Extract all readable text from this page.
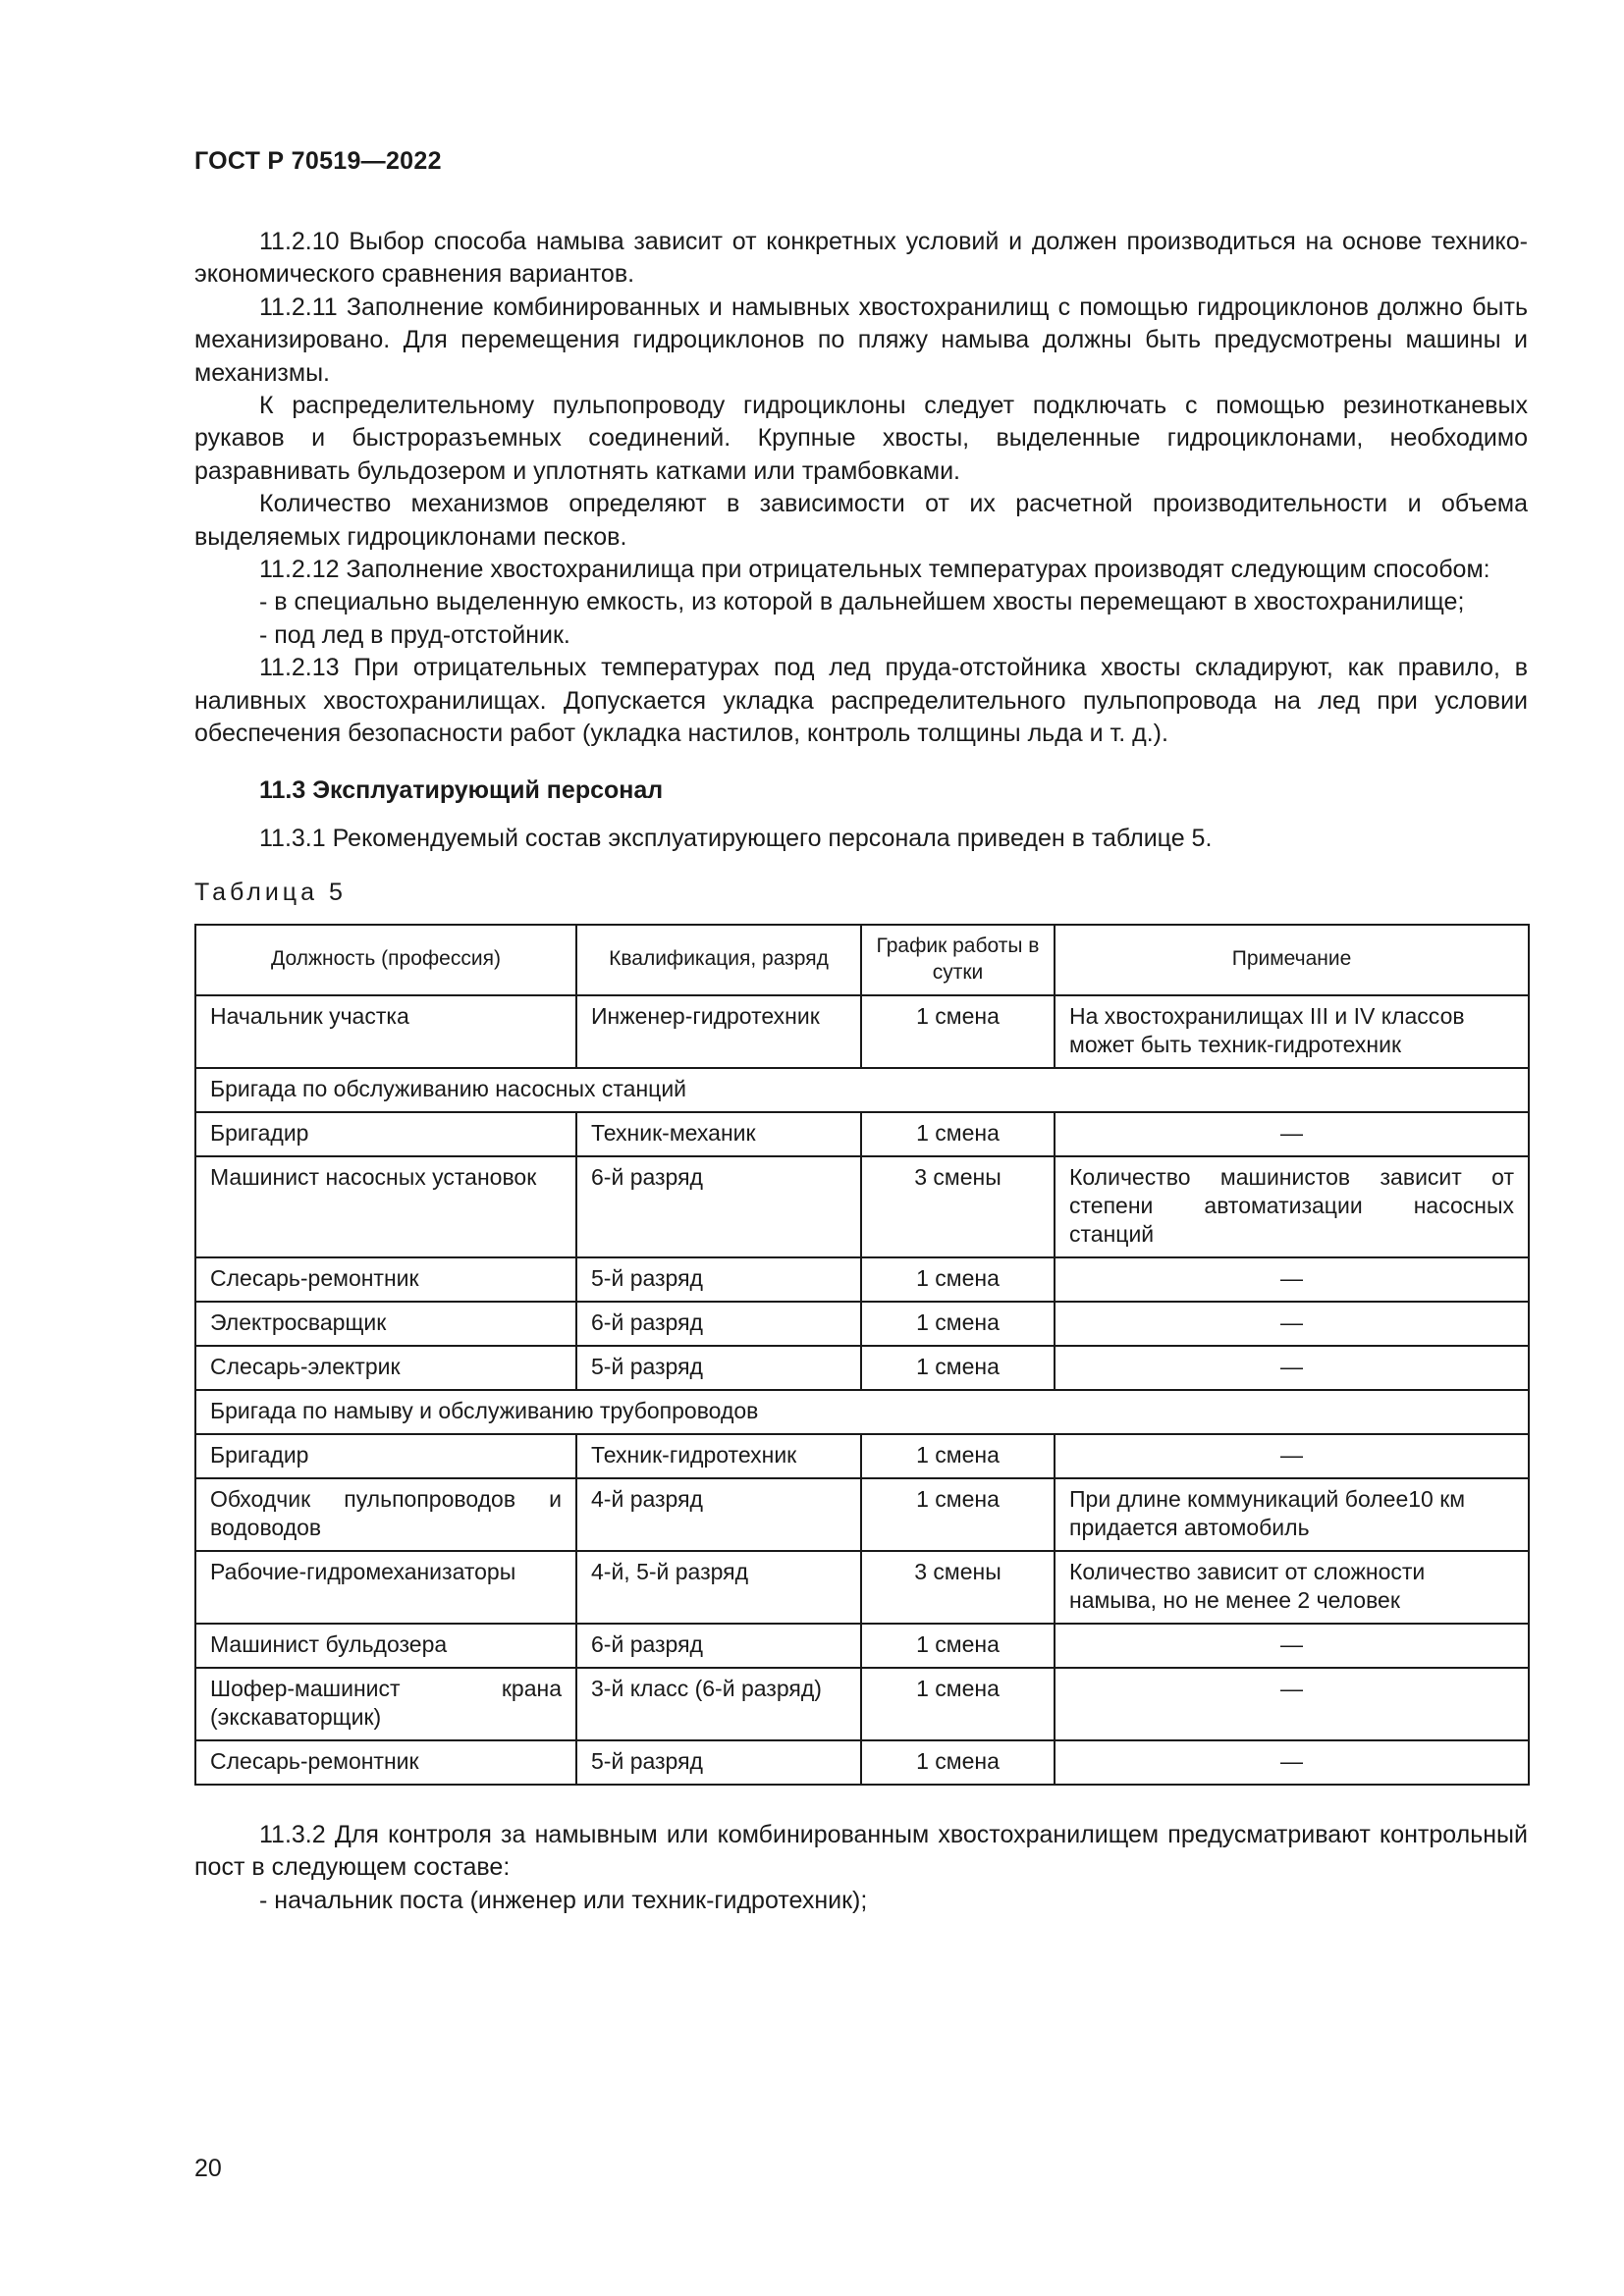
ГОСТ Р 70519—2022

11.2.10 Выбор способа намыва зависит от конкретных условий и должен производиться на основе технико-экономического сравнения вариантов.

11.2.11 Заполнение комбинированных и намывных хвостохранилищ с помощью гидроциклонов должно быть механизировано. Для перемещения гидроциклонов по пляжу намыва должны быть предусмотрены машины и механизмы.

К распределительному пульпопроводу гидроциклоны следует подключать с помощью резинотканевых рукавов и быстроразъемных соединений. Крупные хвосты, выделенные гидроциклонами, необходимо разравнивать бульдозером и уплотнять катками или трамбовками.

Количество механизмов определяют в зависимости от их расчетной производительности и объема выделяемых гидроциклонами песков.

11.2.12 Заполнение хвостохранилища при отрицательных температурах производят следующим способом:

- в специально выделенную емкость, из которой в дальнейшем хвосты перемещают в хвостохранилище;

- под лед в пруд-отстойник.

11.2.13 При отрицательных температурах под лед пруда-отстойника хвосты складируют, как правило, в наливных хвостохранилищах. Допускается укладка распределительного пульпопровода на лед при условии обеспечения безопасности работ (укладка настилов, контроль толщины льда и т. д.).

11.3 Эксплуатирующий персонал

11.3.1 Рекомендуемый состав эксплуатирующего персонала приведен в таблице 5.

Таблица 5

Должность (профессия)	Квалификация, разряд	График работы в сутки	Примечание
Начальник участка	Инженер-гидротехник	1 смена	На хвостохранилищах III и IV классов может быть техник-гидротехник
Бригада по обслуживанию насосных станций			
Бригадир	Техник-механик	1 смена	—
Машинист насосных установок	6-й разряд	3 смены	Количество машинистов зависит от степени автоматизации насосных станций
Слесарь-ремонтник	5-й разряд	1 смена	—
Электросварщик	6-й разряд	1 смена	—
Слесарь-электрик	5-й разряд	1 смена	—
Бригада по намыву и обслуживанию трубопроводов			
Бригадир	Техник-гидротехник	1 смена	—
Обходчик пульпопроводов и водоводов	4-й разряд	1 смена	При длине коммуникаций более10 км придается автомобиль
Рабочие-гидромеханизаторы	4-й, 5-й разряд	3 смены	Количество зависит от сложности намыва, но не менее 2 человек
Машинист бульдозера	6-й разряд	1 смена	—
Шофер-машинист крана (экскаваторщик)	3-й класс (6-й разряд)	1 смена	—
Слесарь-ремонтник	5-й разряд	1 смена	—

11.3.2 Для контроля за намывным или комбинированным хвостохранилищем предусматривают контрольный пост в следующем составе:

- начальник поста (инженер или техник-гидротехник);

20
